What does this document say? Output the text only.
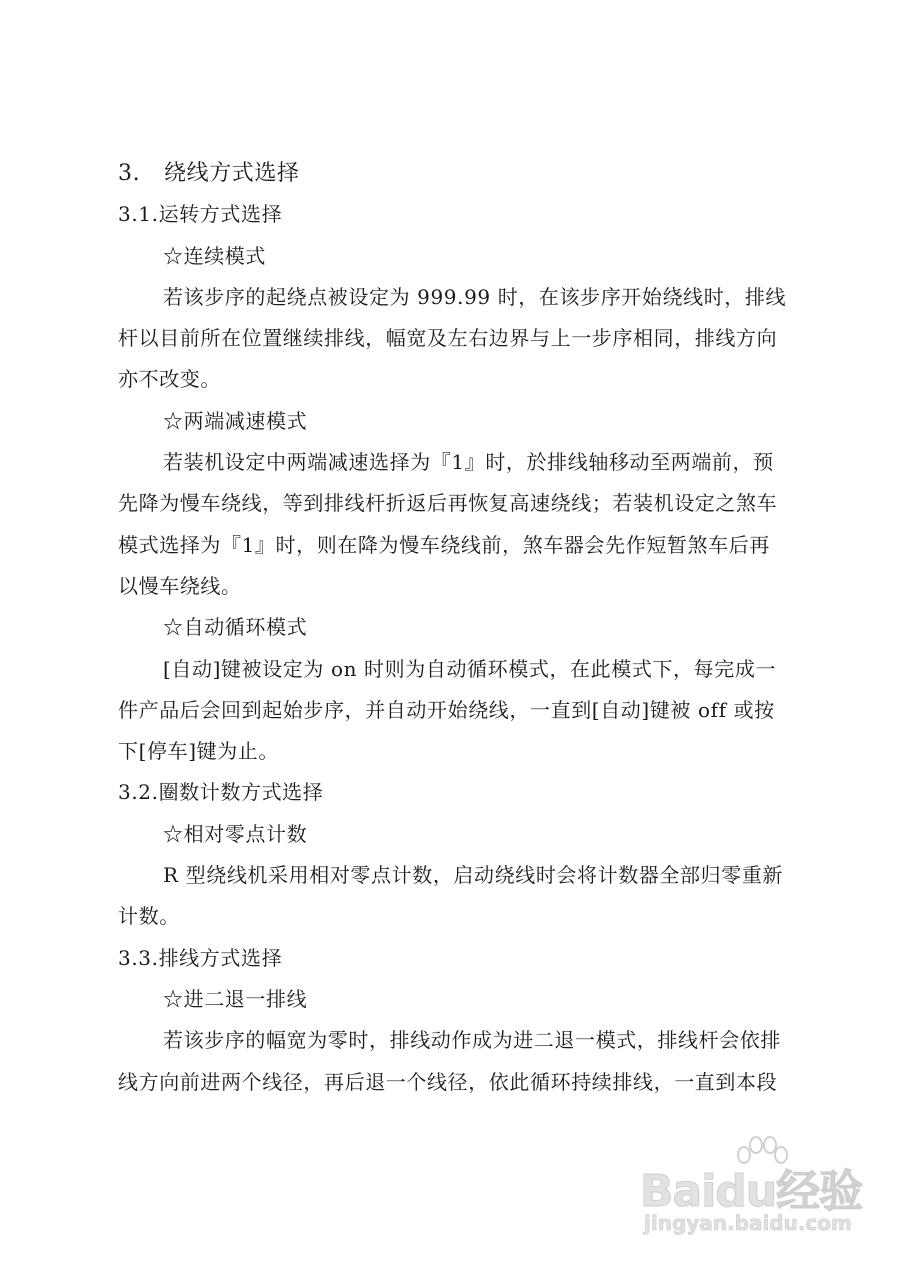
3. 绕线方式选择
3.1.运转方式选择
☆连续模式
若该步序的起绕点被设定为 999.99 时，在该步序开始绕线时，排线
杆以目前所在位置继续排线，幅宽及左右边界与上一步序相同，排线方向
亦不改变。
☆两端减速模式
若装机设定中两端减速选择为『1』时，於排线轴移动至两端前，预
先降为慢车绕线，等到排线杆折返后再恢复高速绕线；若装机设定之煞车
模式选择为『1』时，则在降为慢车绕线前，煞车器会先作短暂煞车后再
以慢车绕线。
☆自动循环模式
[自动]键被设定为 on 时则为自动循环模式，在此模式下，每完成一
件产品后会回到起始步序，并自动开始绕线，一直到[自动]键被 off 或按
下[停车]键为止。
3.2.圈数计数方式选择
☆相对零点计数
R 型绕线机采用相对零点计数，启动绕线时会将计数器全部归零重新
计数。
3.3.排线方式选择
☆进二退一排线
若该步序的幅宽为零时，排线动作成为进二退一模式，排线杆会依排
线方向前进两个线径，再后退一个线径，依此循环持续排线，一直到本段
Baidu经验
jingyan.baidu.com
